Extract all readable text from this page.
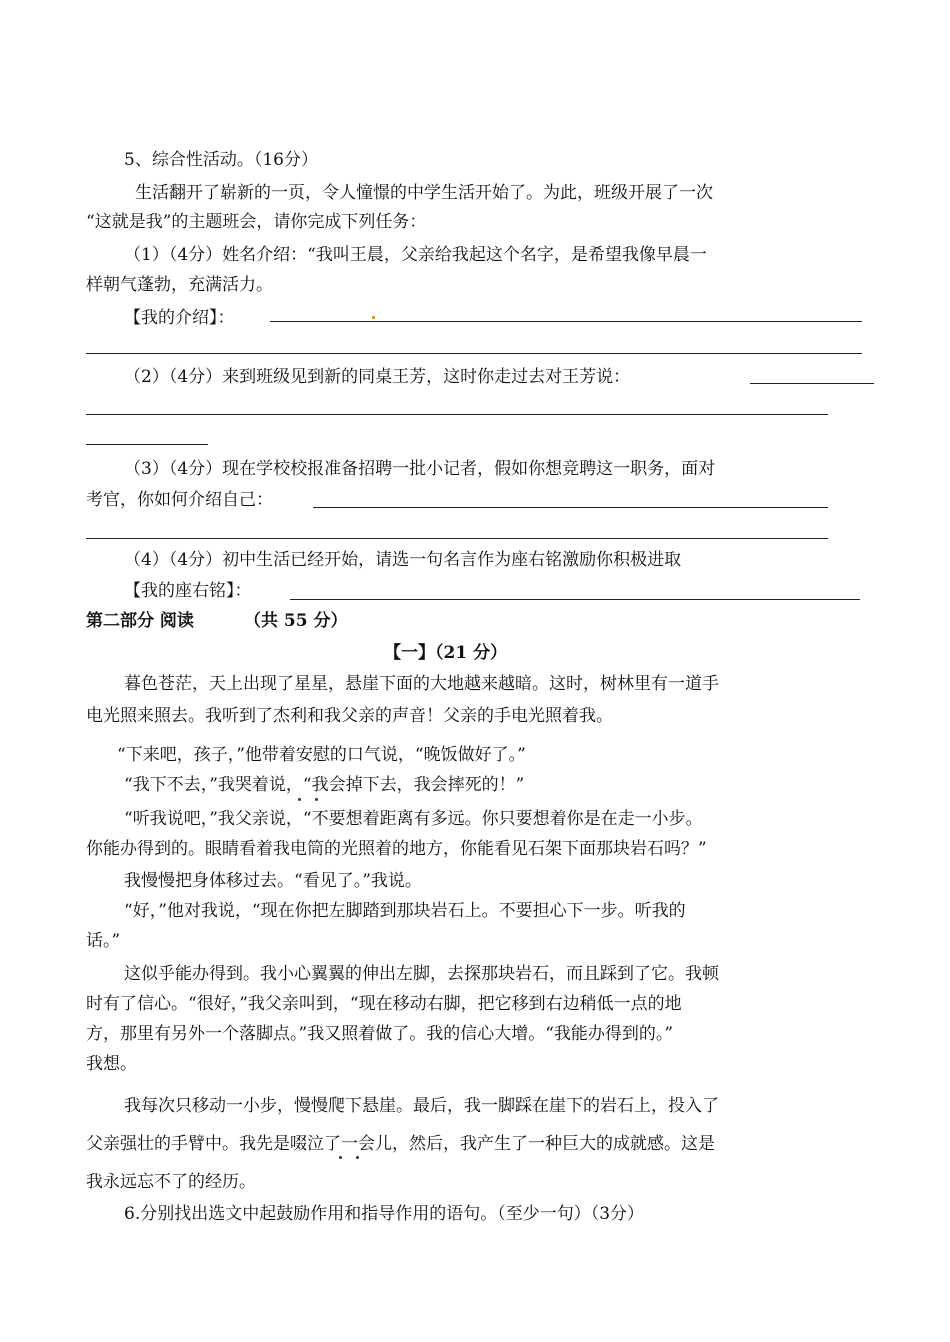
5、综合性活动。（16分）
生活翻开了崭新的一页，令人憧憬的中学生活开始了。为此，班级开展了一次
“这就是我”的主题班会，请你完成下列任务：
（1）（4分）姓名介绍：“我叫王晨，父亲给我起这个名字，是希望我像早晨一
样朝气蓬勃，充满活力。
【我的介绍】：
（2）（4分）来到班级见到新的同桌王芳，这时你走过去对王芳说：
（3）（4分）现在学校校报准备招聘一批小记者，假如你想竞聘这一职务，面对
考官，你如何介绍自己：
（4）（4分）初中生活已经开始，请选一句名言作为座右铭激励你积极进取
【我的座右铭】：
第二部分 阅读	（共 55 分）
【一】（21 分）
暮色苍茫，天上出现了星星，悬崖下面的大地越来越暗。这时，树林里有一道手
电光照来照去。我听到了杰利和我父亲的声音！父亲的手电光照着我。
“下来吧，孩子，”他带着安慰的口气说，“晚饭做好了。”
“我下不去，”我哭着说，“我会掉下去，我会摔死的！”
“听我说吧，”我父亲说，“不要想着距离有多远。你只要想着你是在走一小步。
你能办得到的。眼睛看着我电筒的光照着的地方，你能看见石架下面那块岩石吗？”
我慢慢把身体移过去。“看见了。”我说。
“好，”他对我说，“现在你把左脚踏到那块岩石上。不要担心下一步。听我的
话。”
这似乎能办得到。我小心翼翼的伸出左脚，去探那块岩石，而且踩到了它。我顿
时有了信心。“很好，”我父亲叫到，“现在移动右脚，把它移到右边稍低一点的地
方，那里有另外一个落脚点。”我又照着做了。我的信心大增。“我能办得到的。”
我想。
我每次只移动一小步，慢慢爬下悬崖。最后，我一脚踩在崖下的岩石上，投入了
父亲强壮的手臂中。我先是啜泣了一会儿，然后，我产生了一种巨大的成就感。这是
我永远忘不了的经历。
6.分别找出选文中起鼓励作用和指导作用的语句。（至少一句）（3分）
